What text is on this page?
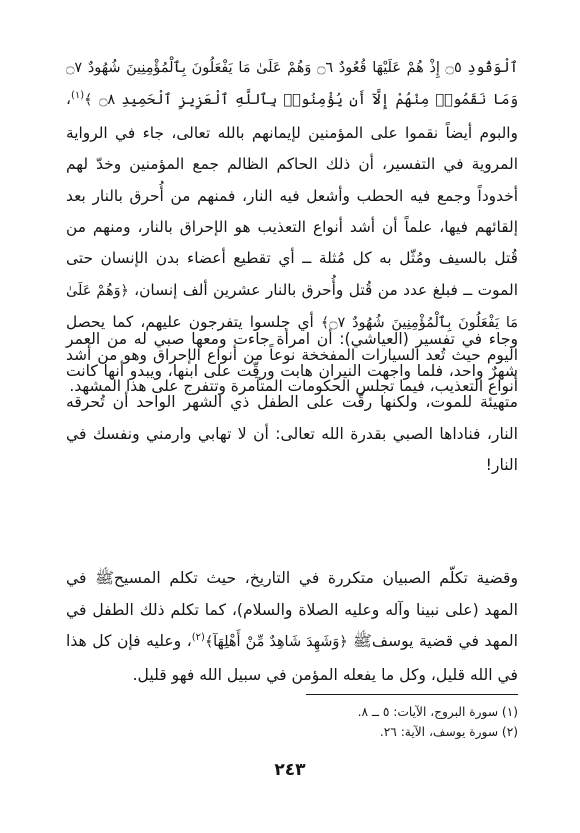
ٱلْوَقُودِ ۝٥ إِذْ هُمْ عَلَيْهَا قُعُودٌ ۝٦ وَهُمْ عَلَىٰ مَا يَفْعَلُونَ بِٱلْمُؤْمِنِينَ شُهُودٌ ۝٧ وَمَا نَقَمُوا۟ مِنْهُمْ إِلَّآ أَن يُؤْمِنُوا۟ بِٱللَّهِ ٱلْعَزِيزِ ٱلْحَمِيدِ ۝٨ ﴾$^{(١)}$، والبوم أيضاً نقموا على المؤمنين لإيمانهم بالله تعالى، جاء في الرواية المروية في التفسير، أن ذلك الحاكم الظالم جمع المؤمنين وخدّ لهم أخدوداً وجمع فيه الحطب وأشعل فيه النار، فمنهم من أُحرق بالنار بعد إلقائهم فيها، علماً أن أشد أنواع التعذيب هو الإحراق بالنار، ومنهم من قُتل بالسيف ومُثّل به كل مُثلة ــ أي تقطيع أعضاء بدن الإنسان حتى الموت ــ فبلغ عدد من قُتل وأُحرق بالنار عشرين ألف إنسان، ﴿وَهُمْ عَلَىٰ مَا يَفْعَلُونَ بِٱلْمُؤْمِنِينَ شُهُودٌ ۝٧﴾ أي جلسوا يتفرجون عليهم، كما يحصل اليوم حيث تُعد السيارات المفخخة نوعاً من أنواع الإحراق وهو من أشد أنواع التعذيب، فيما تجلس الحكومات المتآمرة وتتفرج على هذا المشهد.

وجاء في تفسير (العياشي): أن امرأة جاءت ومعها صبي له من العمر شهرٌ واحد، فلما واجهت النيران هابت ورقّت على ابنها، ويبدو أنها كانت متهيئة للموت، ولكنها رقّت على الطفل ذي الشهر الواحد أن تُحرقه النار، فناداها الصبي بقدرة الله تعالى: أن لا تهابي وارمني ونفسك في النار!

وقضية تكلّم الصبيان متكررة في التاريخ، حيث تكلم المسيحﷺ في المهد (على نبينا وآله وعليه الصلاة والسلام)، كما تكلم ذلك الطفل في المهد في قضية يوسفﷺ ﴿وَشَهِدَ شَاهِدٌ مِّنْ أَهْلِهَآ﴾$^{(٢)}$، وعليه فإن كل هذا في الله قليل، وكل ما يفعله المؤمن في سبيل الله فهو قليل.

(١) سورة البروج، الآيات: ٥ ــ ٨.
(٢) سورة يوسف، الآية: ٢٦.
٢٤٣
